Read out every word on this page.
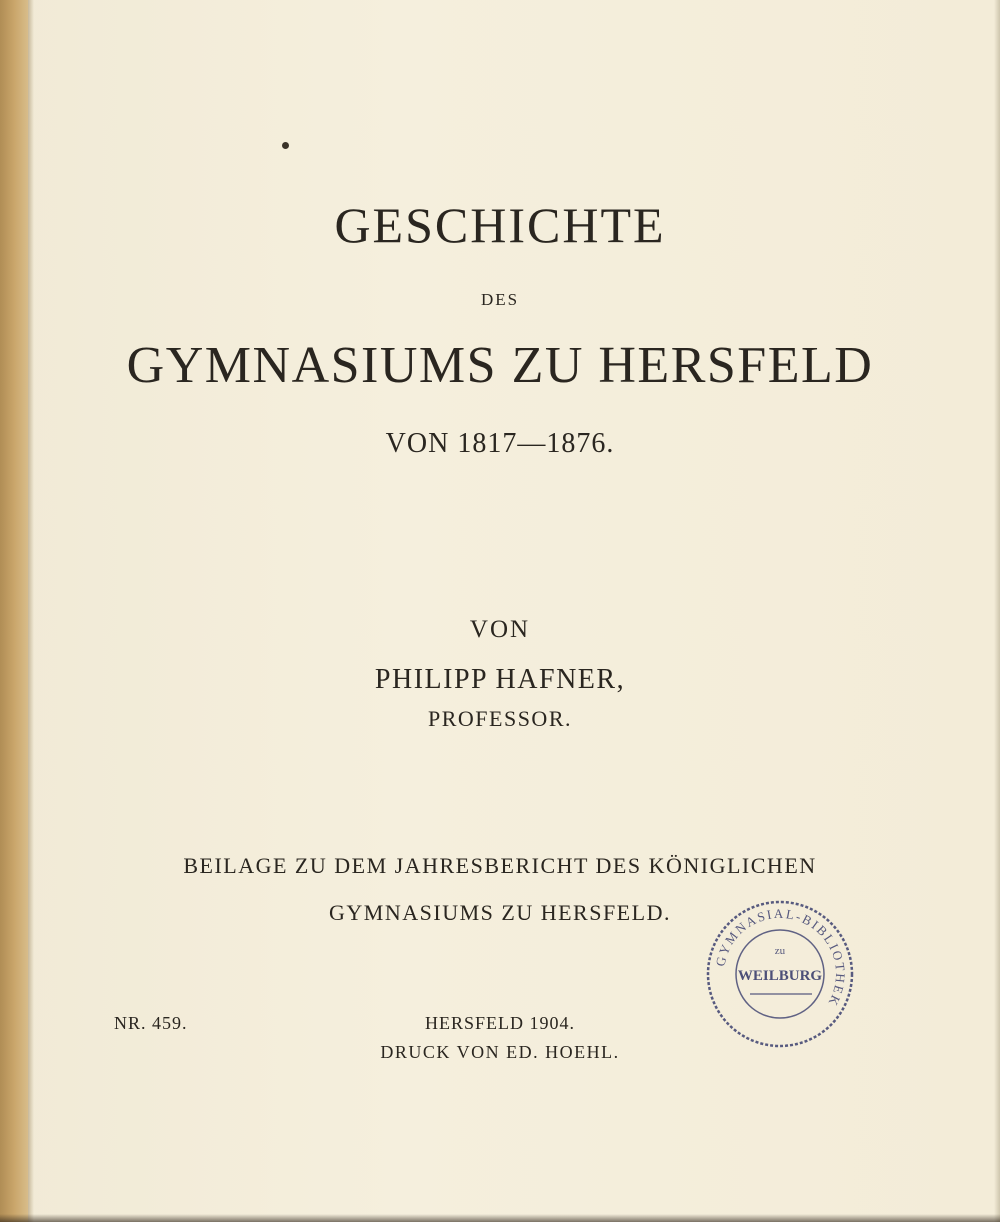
GESCHICHTE
DES
GYMNASIUMS ZU HERSFELD
VON 1817—1876.
VON
PHILIPP HAFNER,
PROFESSOR.
BEILAGE ZU DEM JAHRESBERICHT DES KÖNIGLICHEN
GYMNASIUMS ZU HERSFELD.
NR. 459.	HERSFELD 1904.
DRUCK VON ED. HOEHL.
GYMNASIAL-BIBLIOTHEK
zu
WEILBURG
